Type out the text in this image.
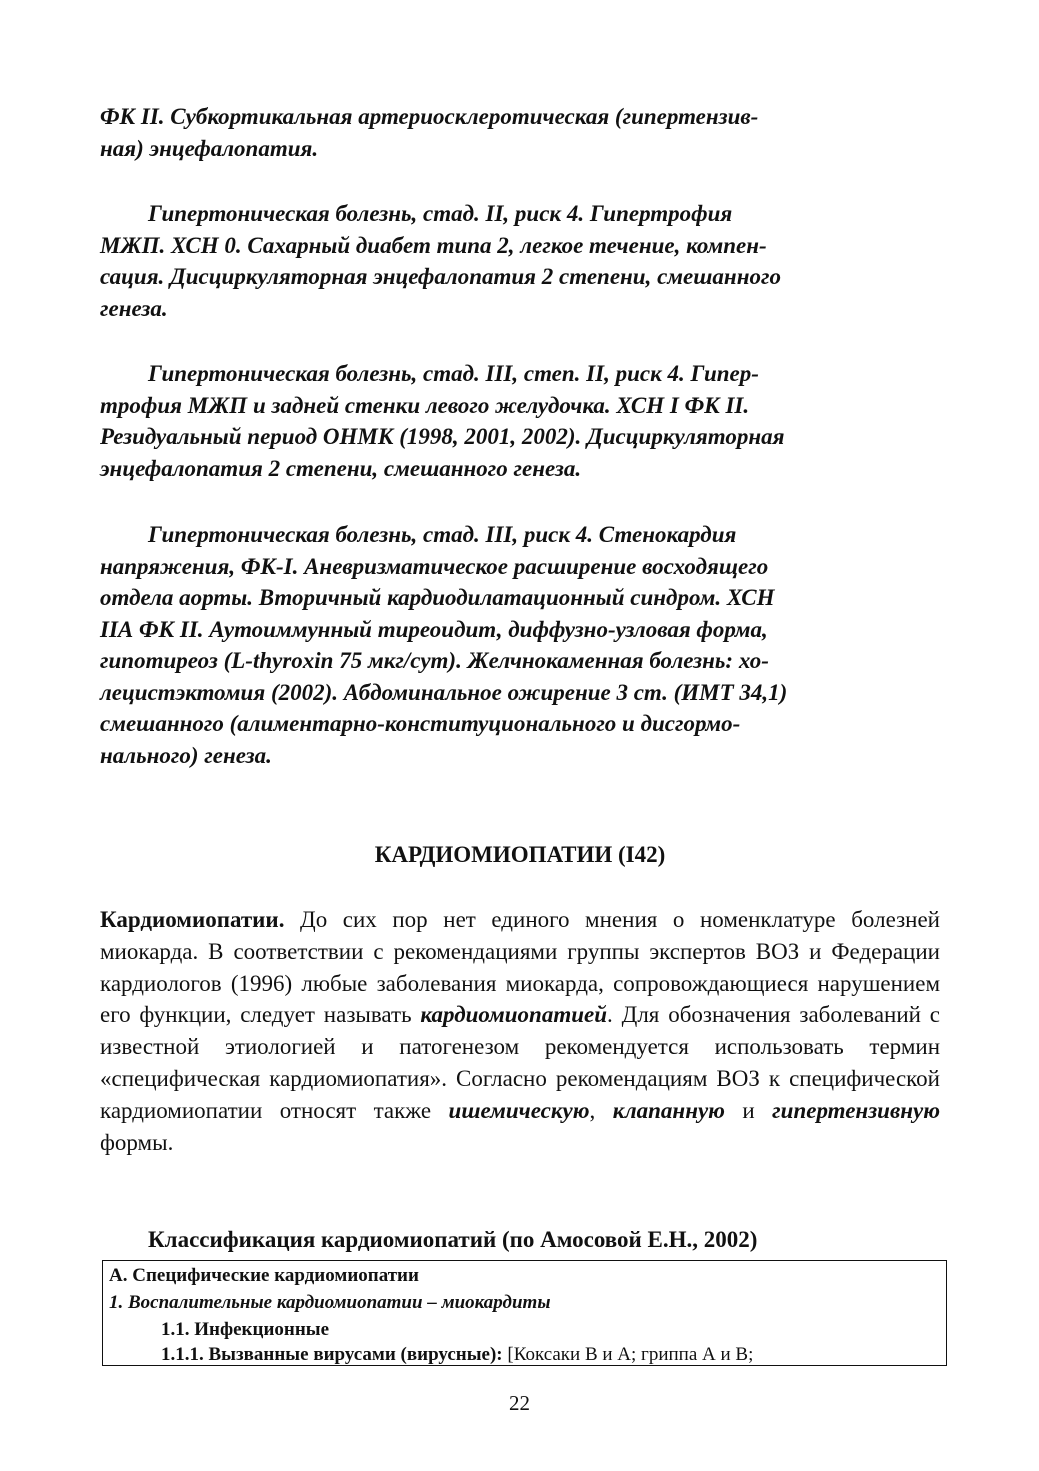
ФК II. Субкортикальная артериосклеротическая (гипертензив-

ная) энцефалопатия.

Гипертоническая болезнь, стад. II, риск 4. Гипертрофия

МЖП. ХСН 0. Сахарный диабет типа 2, легкое течение, компен-

сация. Дисциркуляторная энцефалопатия 2 степени, смешанного

генеза.

Гипертоническая болезнь, стад. III, степ. II, риск 4. Гипер-

трофия МЖП и задней стенки левого желудочка. ХСН I ФК II.

Резидуальный период ОНМК (1998, 2001, 2002). Дисциркуляторная

энцефалопатия 2 степени, смешанного генеза.

Гипертоническая болезнь, стад. III, риск 4. Стенокардия

напряжения, ФК-I. Аневризматическое расширение восходящего

отдела аорты. Вторичный кардиодилатационный синдром. ХСН

IIА ФК II. Аутоиммунный тиреоидит, диффузно-узловая форма,

гипотиреоз (L-thyroxin 75 мкг/сут). Желчнокаменная болезнь: хо-

лецистэктомия (2002). Абдоминальное ожирение 3 ст. (ИМТ 34,1)

смешанного (алиментарно-конституционального и дисгормо-

нального) генеза.

КАРДИОМИОПАТИИ (I42)

Кардиомиопатии. До сих пор нет единого мнения о номенклатуре болезней миокарда. В соответствии с рекомендациями группы экспертов ВОЗ и Федерации кардиологов (1996) любые заболевания миокарда, сопровождающиеся нарушением его функции, следует называть кардиомиопатией. Для обозначения заболеваний с известной этиологией и патогенезом рекомендуется использовать термин «специфическая кардиомиопатия». Согласно рекомендациям ВОЗ к специфической кардиомиопатии относят также ишемическую, клапанную и гипертензивную формы.

Классификация кардиомиопатий (по Амосовой Е.Н., 2002)

А. Специфические кардиомиопатии
1. Воспалительные кардиомиопатии – миокардиты
1.1. Инфекционные
1.1.1. Вызванные вирусами (вирусные): [Коксаки В и А; гриппа А и В;

22
